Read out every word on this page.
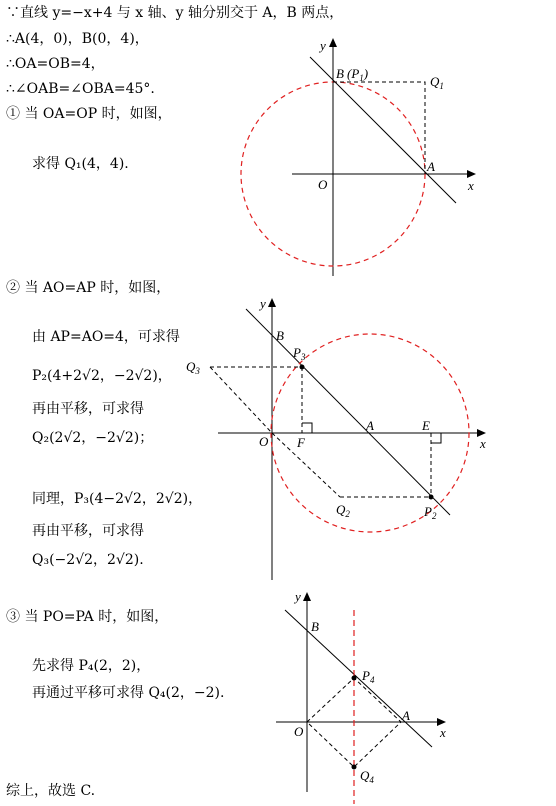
∵直线 y=−x+4 与 x 轴、y 轴分别交于 A，B 两点，
∴A(4，0)，B(0，4)，
∴OA=OB=4，
∴∠OAB=∠OBA=45°.
① 当 OA=OP 时，如图，
求得 Q₁(4，4).
② 当 AO=AP 时，如图，
由 AP=AO=4，可求得
P₂(4+2√2，−2√2)，
再由平移，可求得
Q₂(2√2，−2√2)；
同理，P₃(4−2√2，2√2)，
再由平移，可求得
Q₃(−2√2，2√2).
③ 当 PO=PA 时，如图，
先求得 P₄(2，2)，
再通过平移可求得 Q₄(2，−2).
综上，故选 C.
y
x
O
A
B $(P_1)$
$Q_1$
y
x
O
B
A	E
F
$P_3$
$Q_3$
$Q_2$	$P_2$
y
x
O
B
A
$P_4$
$Q_4$
